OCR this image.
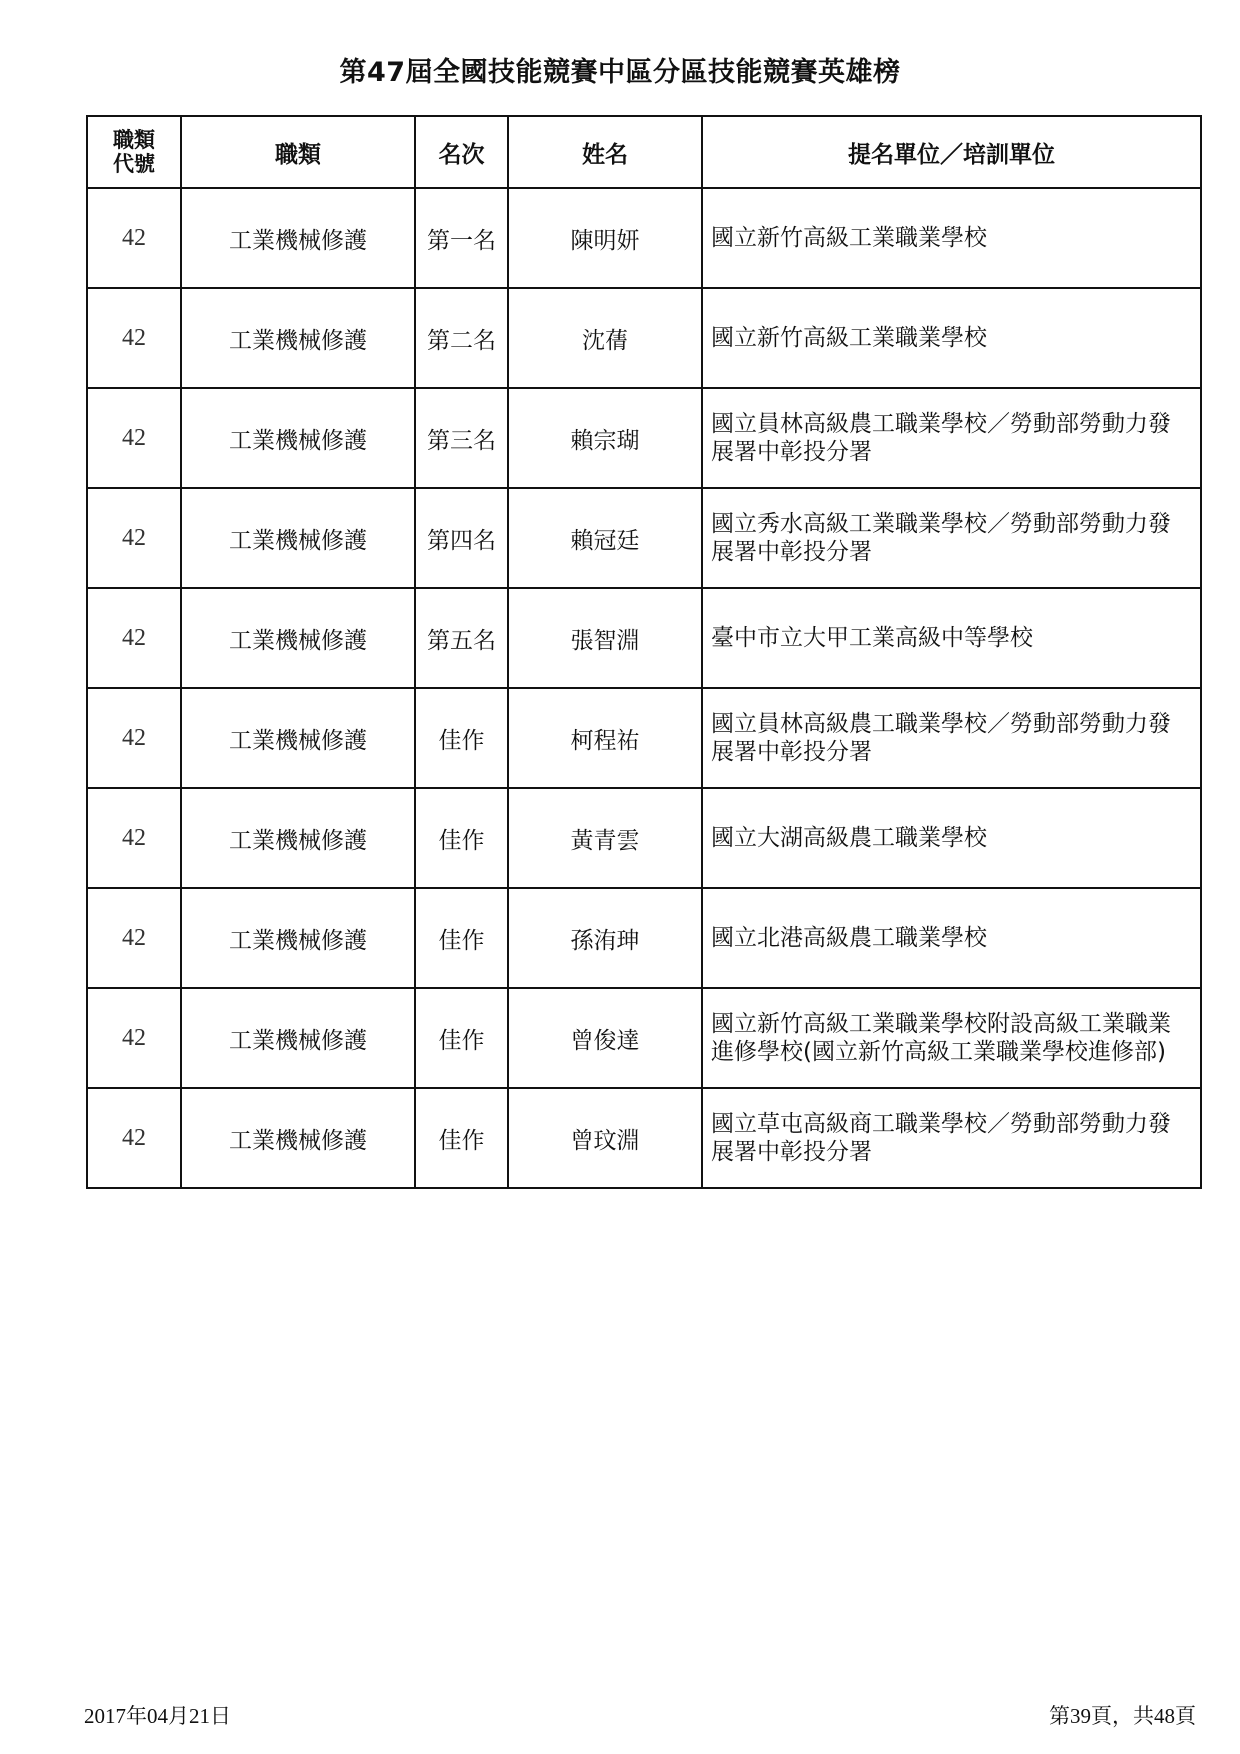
第47屆全國技能競賽中區分區技能競賽英雄榜
職類
代號	職類	名次	姓名	提名單位／培訓單位
42	工業機械修護	第一名	陳明妍	國立新竹高級工業職業學校
42	工業機械修護	第二名	沈蒨	國立新竹高級工業職業學校
42	工業機械修護	第三名	賴宗瑚	國立員林高級農工職業學校／勞動部勞動力發展署中彰投分署
42	工業機械修護	第四名	賴冠廷	國立秀水高級工業職業學校／勞動部勞動力發展署中彰投分署
42	工業機械修護	第五名	張智淵	臺中市立大甲工業高級中等學校
42	工業機械修護	佳作	柯程祐	國立員林高級農工職業學校／勞動部勞動力發展署中彰投分署
42	工業機械修護	佳作	黃青雲	國立大湖高級農工職業學校
42	工業機械修護	佳作	孫洧珅	國立北港高級農工職業學校
42	工業機械修護	佳作	曾俊達	國立新竹高級工業職業學校附設高級工業職業進修學校(國立新竹高級工業職業學校進修部)
42	工業機械修護	佳作	曾玟淵	國立草屯高級商工職業學校／勞動部勞動力發展署中彰投分署
2017年04月21日	第39頁，共48頁
